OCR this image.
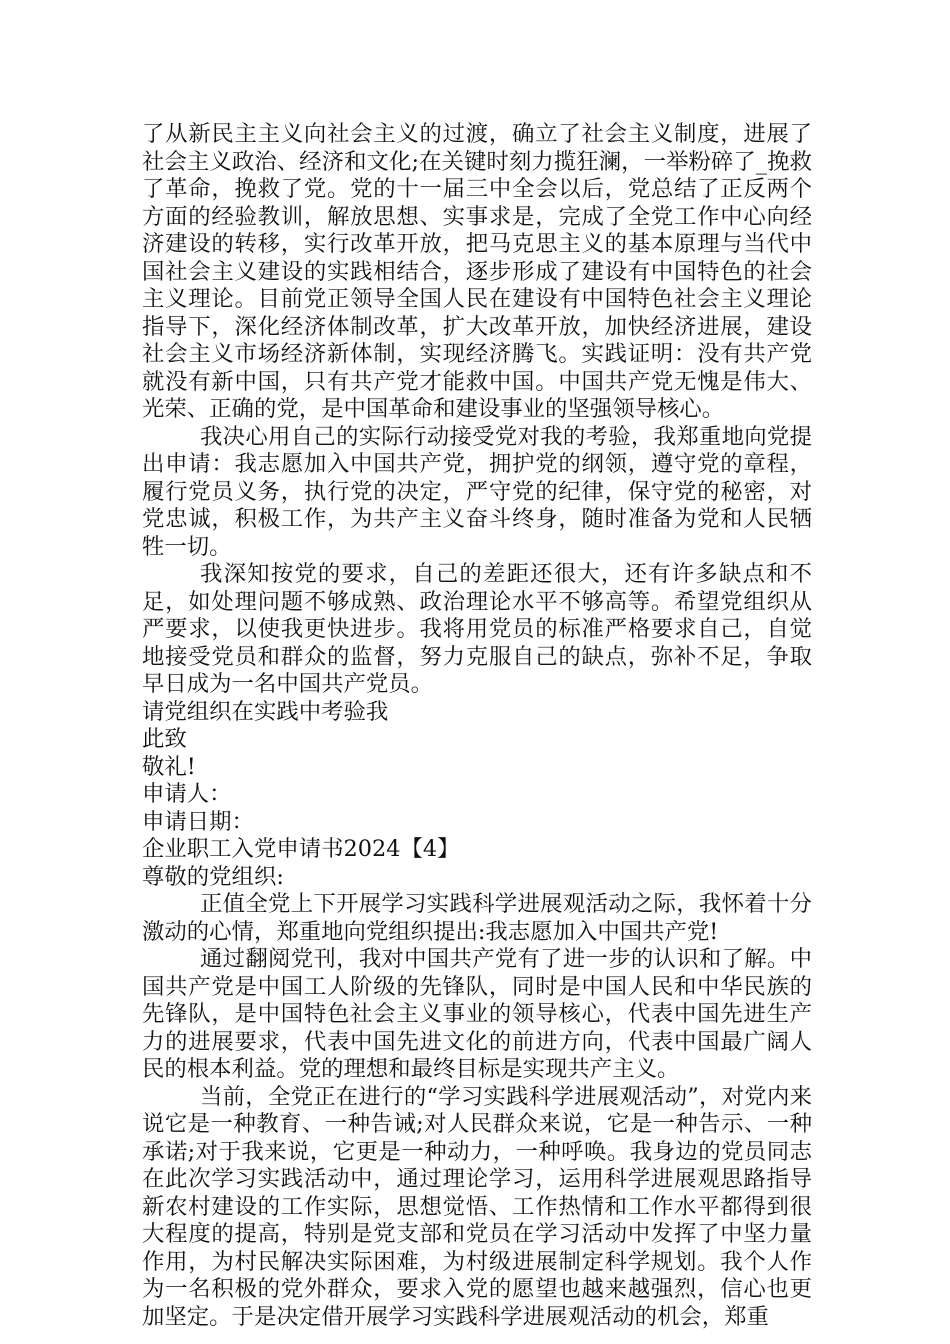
了从新民主主义向社会主义的过渡，确立了社会主义制度，进展了社会主义政治、经济和文化;在关键时刻力揽狂澜，一举粉碎了_挽救了革命，挽救了党。党的十一届三中全会以后，党总结了正反两个方面的经验教训，解放思想、实事求是，完成了全党工作中心向经济建设的转移，实行改革开放，把马克思主义的基本原理与当代中国社会主义建设的实践相结合，逐步形成了建设有中国特色的社会主义理论。目前党正领导全国人民在建设有中国特色社会主义理论指导下，深化经济体制改革，扩大改革开放，加快经济进展，建设社会主义市场经济新体制，实现经济腾飞。实践证明：没有共产党就没有新中国，只有共产党才能救中国。中国共产党无愧是伟大、光荣、正确的党，是中国革命和建设事业的坚强领导核心。

我决心用自己的实际行动接受党对我的考验，我郑重地向党提出申请：我志愿加入中国共产党，拥护党的纲领，遵守党的章程，履行党员义务，执行党的决定，严守党的纪律，保守党的秘密，对党忠诚，积极工作，为共产主义奋斗终身，随时准备为党和人民牺牲一切。

我深知按党的要求，自己的差距还很大，还有许多缺点和不足，如处理问题不够成熟、政治理论水平不够高等。希望党组织从严要求，以使我更快进步。我将用党员的标准严格要求自己，自觉地接受党员和群众的监督，努力克服自己的缺点，弥补不足，争取早日成为一名中国共产党员。

请党组织在实践中考验我

此致

敬礼!

申请人：

申请日期：

企业职工入党申请书2024【4】

尊敬的党组织:

正值全党上下开展学习实践科学进展观活动之际，我怀着十分激动的心情，郑重地向党组织提出:我志愿加入中国共产党!

通过翻阅党刊，我对中国共产党有了进一步的认识和了解。中国共产党是中国工人阶级的先锋队，同时是中国人民和中华民族的先锋队，是中国特色社会主义事业的领导核心，代表中国先进生产力的进展要求，代表中国先进文化的前进方向，代表中国最广阔人民的根本利益。党的理想和最终目标是实现共产主义。

当前，全党正在进行的“学习实践科学进展观活动”，对党内来说它是一种教育、一种告诫;对人民群众来说，它是一种告示、一种承诺;对于我来说，它更是一种动力，一种呼唤。我身边的党员同志在此次学习实践活动中，通过理论学习，运用科学进展观思路指导新农村建设的工作实际，思想觉悟、工作热情和工作水平都得到很大程度的提高，特别是党支部和党员在学习活动中发挥了中坚力量作用，为村民解决实际困难，为村级进展制定科学规划。我个人作为一名积极的党外群众，要求入党的愿望也越来越强烈，信心也更加坚定。于是决定借开展学习实践科学进展观活动的机会，郑重
